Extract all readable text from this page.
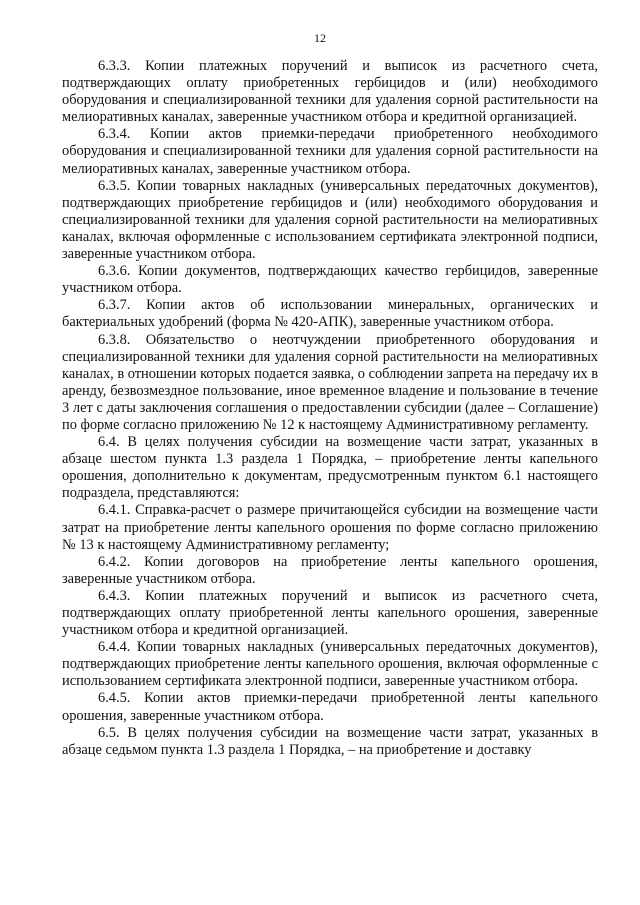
12

6.3.3. Копии платежных поручений и выписок из расчетного счета, подтверждающих оплату приобретенных гербицидов и (или) необходимого оборудования и специализированной техники для удаления сорной растительности на мелиоративных каналах, заверенные участником отбора и кредитной организацией.

6.3.4. Копии актов приемки-передачи приобретенного необходимого оборудования и специализированной техники для удаления сорной растительности на мелиоративных каналах, заверенные участником отбора.

6.3.5. Копии товарных накладных (универсальных передаточных документов), подтверждающих приобретение гербицидов и (или) необходимого оборудования и специализированной техники для удаления сорной растительности на мелиоративных каналах, включая оформленные с использованием сертификата электронной подписи, заверенные участником отбора.

6.3.6. Копии документов, подтверждающих качество гербицидов, заверенные участником отбора.

6.3.7. Копии актов об использовании минеральных, органических и бактериальных удобрений (форма № 420-АПК), заверенные участником отбора.

6.3.8. Обязательство о неотчуждении приобретенного оборудования и специализированной техники для удаления сорной растительности на мелиоративных каналах, в отношении которых подается заявка, о соблюдении запрета на передачу их в аренду, безвозмездное пользование, иное временное владение и пользование в течение 3 лет с даты заключения соглашения о предоставлении субсидии (далее – Соглашение) по форме согласно приложению № 12 к настоящему Административному регламенту.

6.4. В целях получения субсидии на возмещение части затрат, указанных в абзаце шестом пункта 1.3 раздела 1 Порядка, – приобретение ленты капельного орошения, дополнительно к документам, предусмотренным пунктом 6.1 настоящего подраздела, представляются:

6.4.1. Справка-расчет о размере причитающейся субсидии на возмещение части затрат на приобретение ленты капельного орошения по форме согласно приложению № 13 к настоящему Административному регламенту;

6.4.2. Копии договоров на приобретение ленты капельного орошения, заверенные участником отбора.

6.4.3. Копии платежных поручений и выписок из расчетного счета, подтверждающих оплату приобретенной ленты капельного орошения, заверенные участником отбора и кредитной организацией.

6.4.4. Копии товарных накладных (универсальных передаточных документов), подтверждающих приобретение ленты капельного орошения, включая оформленные с использованием сертификата электронной подписи, заверенные участником отбора.

6.4.5. Копии актов приемки-передачи приобретенной ленты капельного орошения, заверенные участником отбора.

6.5. В целях получения субсидии на возмещение части затрат, указанных в абзаце седьмом пункта 1.3 раздела 1 Порядка, – на приобретение и доставку
